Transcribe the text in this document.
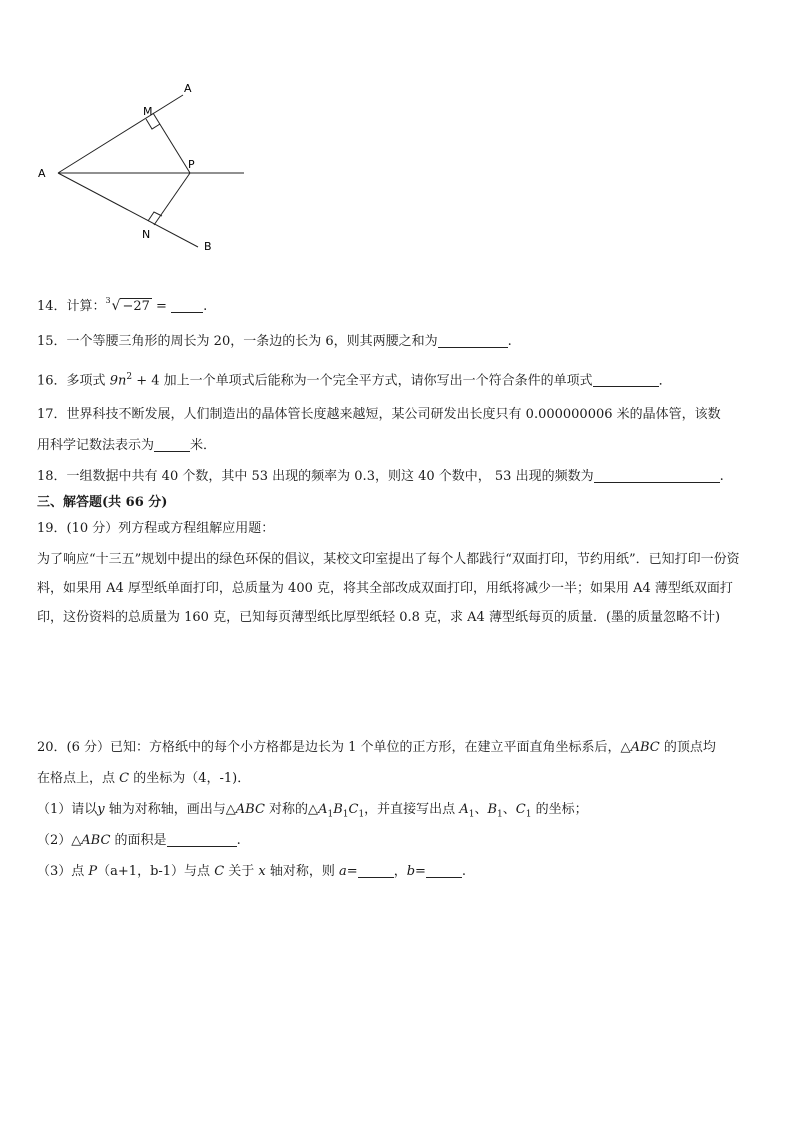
A
A
M
P
N
B
14．计算： 3 √ −27 =	.
15．一个等腰三角形的周长为 20，一条边的长为 6，则其两腰之和为	.
16．多项式 $9n^2 + 4$ 加上一个单项式后能称为一个完全平方式，请你写出一个符合条件的单项式	．
17．世界科技不断发展，人们制造出的晶体管长度越来越短，某公司研发出长度只有 0.000000006 米的晶体管，该数
用科学记数法表示为	米．
18．一组数据中共有 40 个数，其中 53 出现的频率为 0.3，则这 40 个数中， 53 出现的频数为	.
三、解答题(共 66 分)
19．(10 分）列方程或方程组解应用题：
为了响应“十三五”规划中提出的绿色环保的倡议，某校文印室提出了每个人都践行“双面打印，节约用纸”．已知打印一份资料，如果用 A4 厚型纸单面打印，总质量为 400 克，将其全部改成双面打印，用纸将减少一半；如果用 A4 薄型纸双面打印，这份资料的总质量为 160 克，已知每页薄型纸比厚型纸轻 0.8 克，求 A4 薄型纸每页的质量．(墨的质量忽略不计)
20．(6 分）已知：方格纸中的每个小方格都是边长为 1 个单位的正方形，在建立平面直角坐标系后，△ABC 的顶点均
在格点上，点 C 的坐标为（4，-1)．
（1）请以y 轴为对称轴，画出与△ABC 对称的$\triangle A_1B_1C_1$，并直接写出点 $A_1$、$B_1$、$C_1$ 的坐标；
（2）△ABC 的面积是	.
（3）点 P（a+1，b-1）与点 C 关于 x 轴对称，则 a=	，b=	.
